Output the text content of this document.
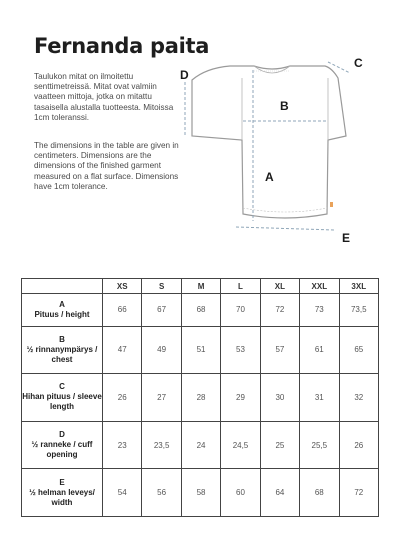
Fernanda paita

Taulukon mitat on ilmoitettu senttimetreissä. Mitat ovat valmiin vaatteen mittoja, jotka on mitattu tasaisella alustalla tuotteesta. Mitoissa 1cm toleranssi.

The dimensions in the table are given in centimeters. Dimensions are the dimensions of the finished garment measured on a flat surface. Dimensions have 1cm tolerance.

B
A
C
D
E
	XS	S	M	L	XL	XXL	3XL

A
Pituus / height	66	67	68	70	72	73	73,5

B
½ rinnanympärys / chest	47	49	51	53	57	61	65

C
Hihan pituus / sleeve length	26	27	28	29	30	31	32

D
½ ranneke / cuff opening	23	23,5	24	24,5	25	25,5	26

E
½ helman leveys/ width	54	56	58	60	64	68	72
